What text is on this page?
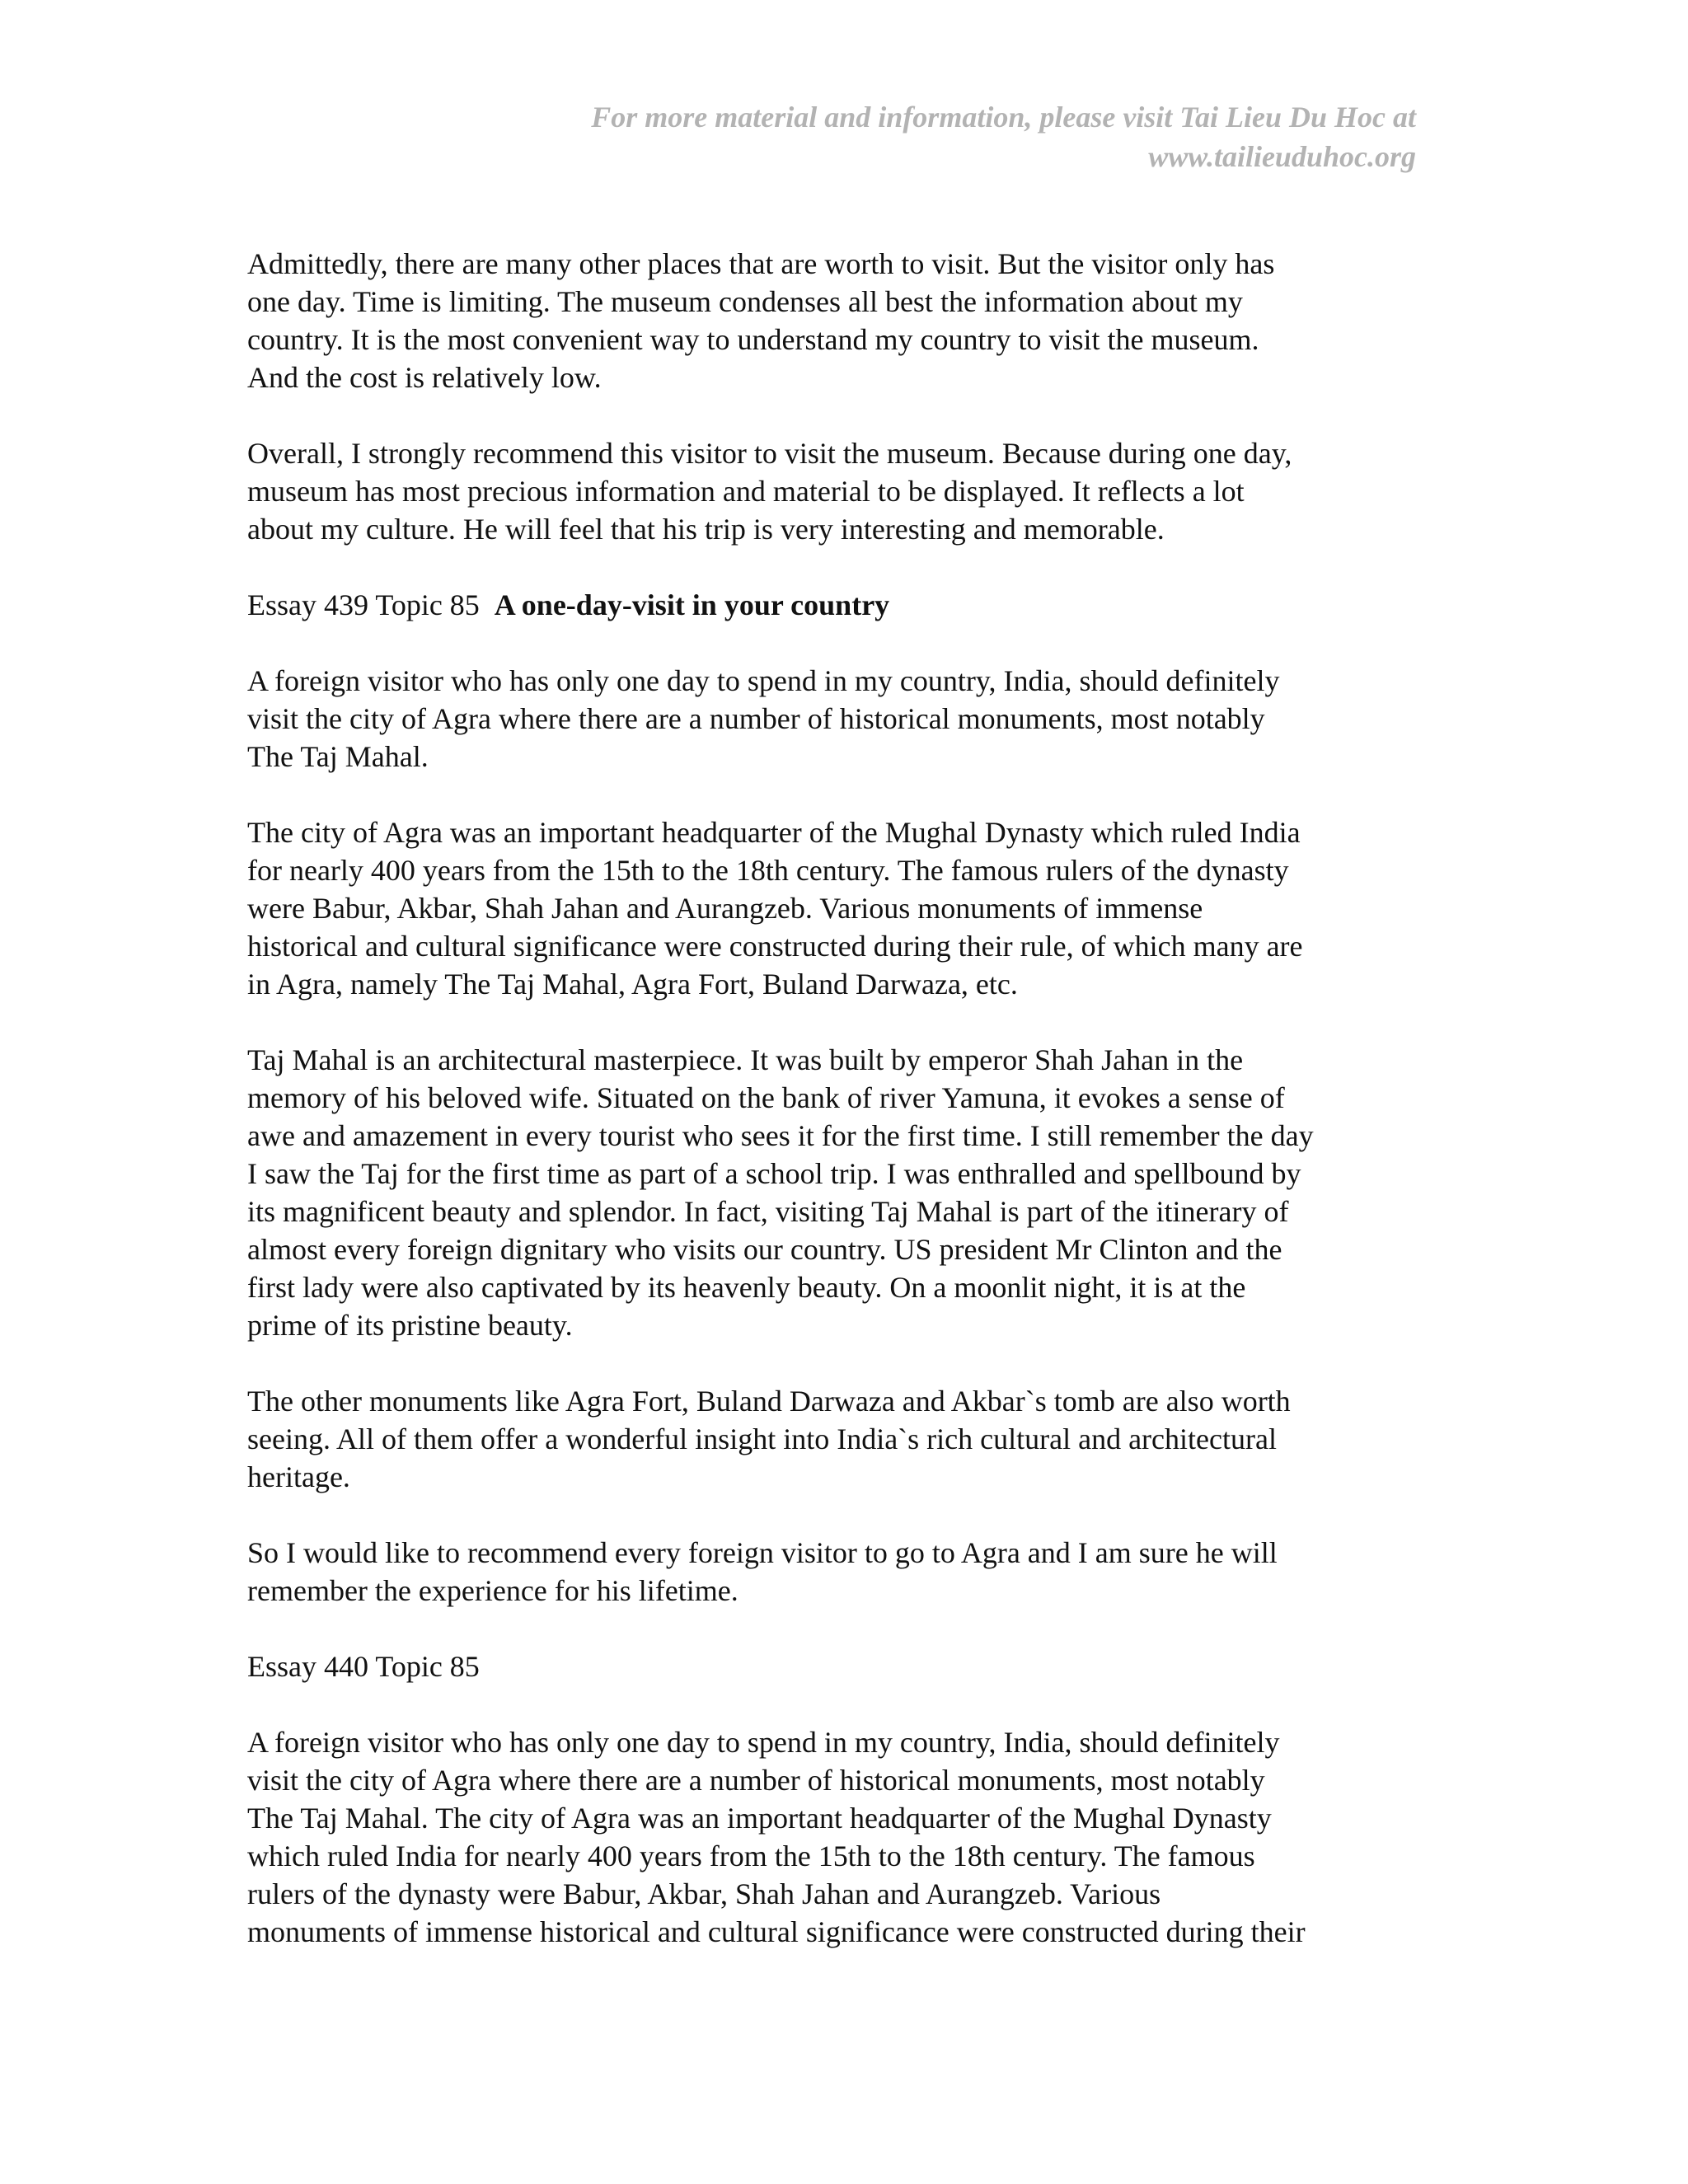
For more material and information, please visit Tai Lieu Du Hoc at
www.tailieuduhoc.org
Admittedly, there are many other places that are worth to visit. But the visitor only has
one day. Time is limiting. The museum condenses all best the information about my
country. It is the most convenient way to understand my country to visit the museum.
And the cost is relatively low.
Overall, I strongly recommend this visitor to visit the museum. Because during one day,
museum has most precious information and material to be displayed. It reflects a lot
about my culture. He will feel that his trip is very interesting and memorable.
Essay 439 Topic 85 A one-day-visit in your country
A foreign visitor who has only one day to spend in my country, India, should definitely
visit the city of Agra where there are a number of historical monuments, most notably
The Taj Mahal.
The city of Agra was an important headquarter of the Mughal Dynasty which ruled India
for nearly 400 years from the 15th to the 18th century. The famous rulers of the dynasty
were Babur, Akbar, Shah Jahan and Aurangzeb. Various monuments of immense
historical and cultural significance were constructed during their rule, of which many are
in Agra, namely The Taj Mahal, Agra Fort, Buland Darwaza, etc.
Taj Mahal is an architectural masterpiece. It was built by emperor Shah Jahan in the
memory of his beloved wife. Situated on the bank of river Yamuna, it evokes a sense of
awe and amazement in every tourist who sees it for the first time. I still remember the day
I saw the Taj for the first time as part of a school trip. I was enthralled and spellbound by
its magnificent beauty and splendor. In fact, visiting Taj Mahal is part of the itinerary of
almost every foreign dignitary who visits our country. US president Mr Clinton and the
first lady were also captivated by its heavenly beauty. On a moonlit night, it is at the
prime of its pristine beauty.
The other monuments like Agra Fort, Buland Darwaza and Akbar`s tomb are also worth
seeing. All of them offer a wonderful insight into India`s rich cultural and architectural
heritage.
So I would like to recommend every foreign visitor to go to Agra and I am sure he will
remember the experience for his lifetime.
Essay 440 Topic 85
A foreign visitor who has only one day to spend in my country, India, should definitely
visit the city of Agra where there are a number of historical monuments, most notably
The Taj Mahal. The city of Agra was an important headquarter of the Mughal Dynasty
which ruled India for nearly 400 years from the 15th to the 18th century. The famous
rulers of the dynasty were Babur, Akbar, Shah Jahan and Aurangzeb. Various
monuments of immense historical and cultural significance were constructed during their
